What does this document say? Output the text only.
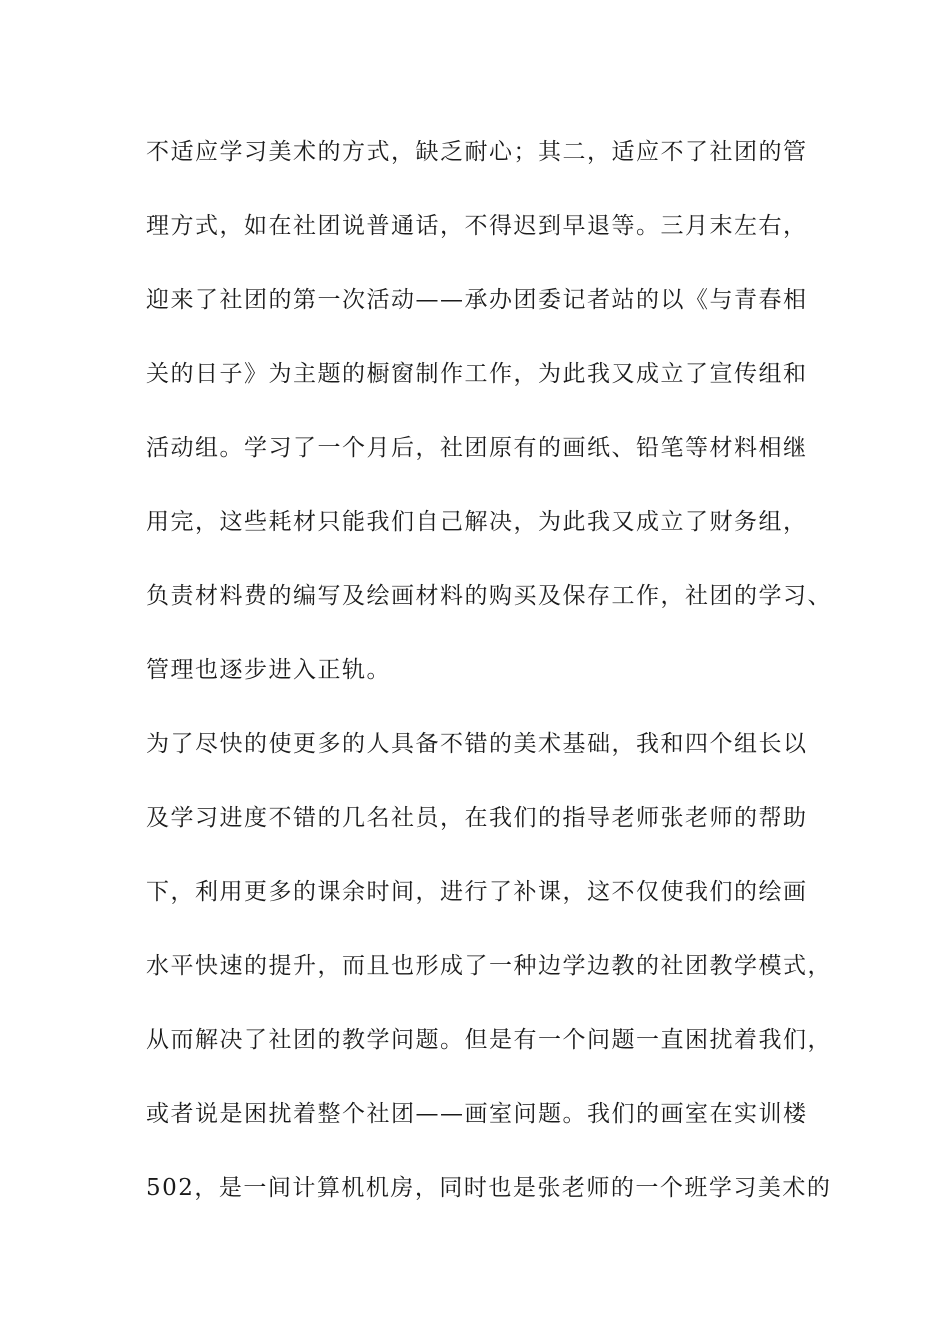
不适应学习美术的方式，缺乏耐心；其二，适应不了社团的管
理方式，如在社团说普通话，不得迟到早退等。三月末左右，
迎来了社团的第一次活动——承办团委记者站的以《与青春相
关的日子》为主题的橱窗制作工作，为此我又成立了宣传组和
活动组。学习了一个月后，社团原有的画纸、铅笔等材料相继
用完，这些耗材只能我们自己解决，为此我又成立了财务组，
负责材料费的编写及绘画材料的购买及保存工作，社团的学习、
管理也逐步进入正轨。
为了尽快的使更多的人具备不错的美术基础，我和四个组长以
及学习进度不错的几名社员，在我们的指导老师张老师的帮助
下，利用更多的课余时间，进行了补课，这不仅使我们的绘画
水平快速的提升，而且也形成了一种边学边教的社团教学模式，
从而解决了社团的教学问题。但是有一个问题一直困扰着我们，
或者说是困扰着整个社团——画室问题。我们的画室在实训楼
502，是一间计算机机房，同时也是张老师的一个班学习美术的
